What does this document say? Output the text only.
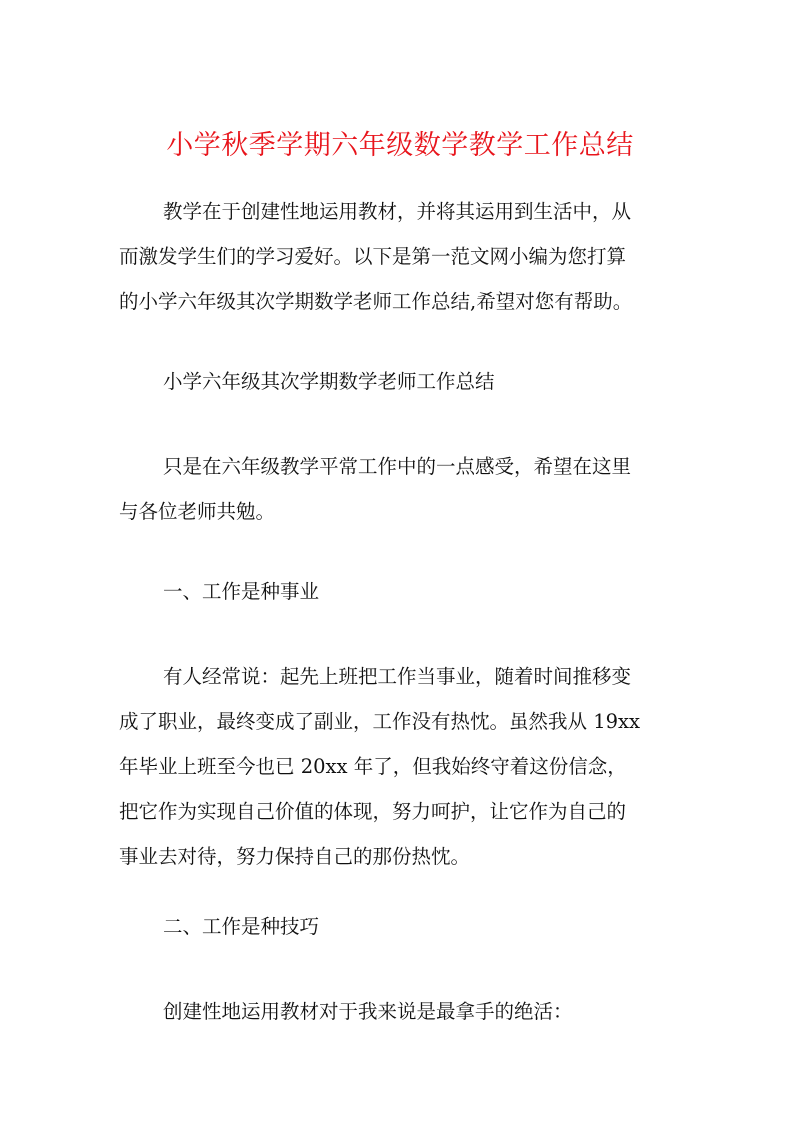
小学秋季学期六年级数学教学工作总结

教学在于创建性地运用教材，并将其运用到生活中，从
而激发学生们的学习爱好。以下是第一范文网小编为您打算
的小学六年级其次学期数学老师工作总结,希望对您有帮助。

小学六年级其次学期数学老师工作总结

只是在六年级教学平常工作中的一点感受，希望在这里
与各位老师共勉。

一、工作是种事业

有人经常说：起先上班把工作当事业，随着时间推移变
成了职业，最终变成了副业，工作没有热忱。虽然我从 19xx
年毕业上班至今也已 20xx 年了，但我始终守着这份信念，
把它作为实现自己价值的体现，努力呵护，让它作为自己的
事业去对待，努力保持自己的那份热忱。

二、工作是种技巧

创建性地运用教材对于我来说是最拿手的绝活：
